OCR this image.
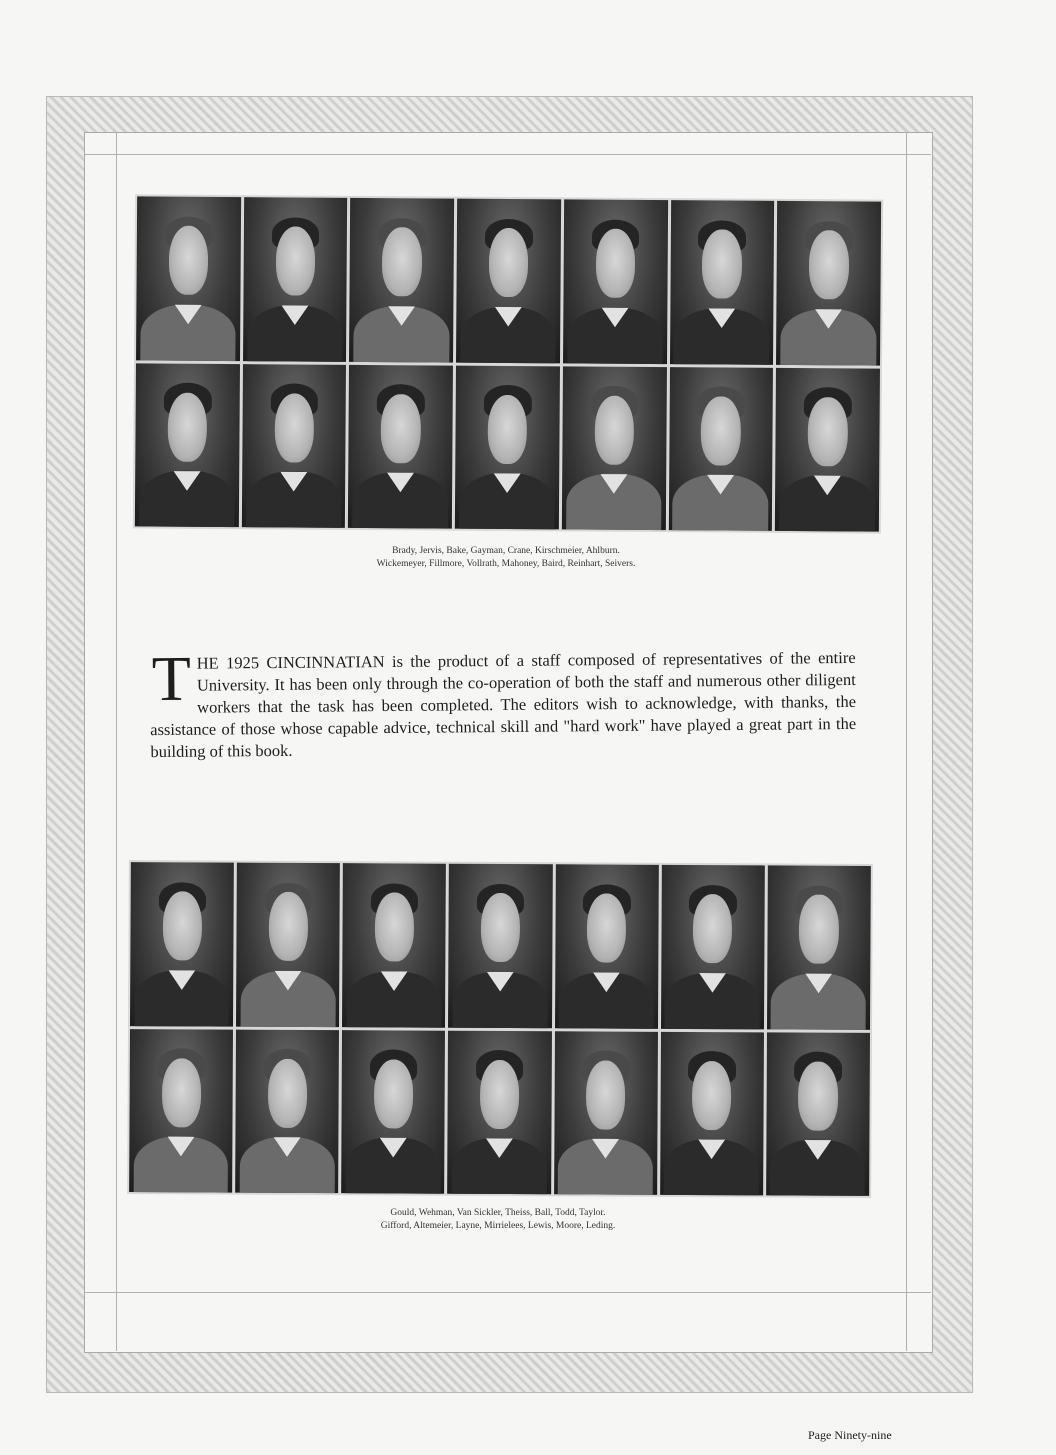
Brady, Jervis, Bake, Gayman, Crane, Kirschmeier, Ahlburn.
Wickemeyer, Fillmore, Vollrath, Mahoney, Baird, Reinhart, Seivers.
THE 1925 CINCINNATIAN is the product of a staff composed of representatives of the entire University. It has been only through the co-operation of both the staff and numerous other diligent workers that the task has been completed. The editors wish to acknowledge, with thanks, the assistance of those whose capable advice, technical skill and "hard work" have played a great part in the building of this book.
Gould, Wehman, Van Sickler, Theiss, Ball, Todd, Taylor.
Gifford, Altemeier, Layne, Mirrielees, Lewis, Moore, Leding.
Page Ninety-nine
